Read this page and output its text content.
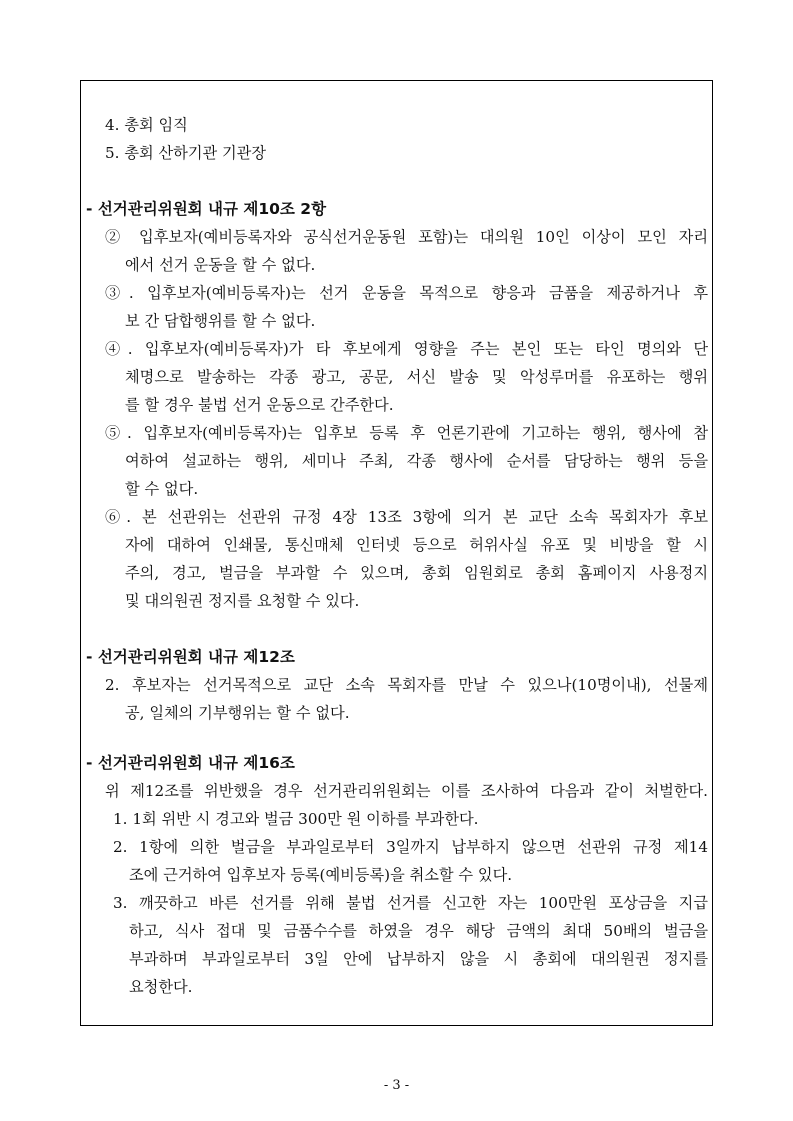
4. 총회 임직
5. 총회 산하기관 기관장
- 선거관리위원회 내규 제10조 2항
② 입후보자(예비등록자와 공식선거운동원 포함)는 대의원 10인 이상이 모인 자리
에서 선거 운동을 할 수 없다.
③. 입후보자(예비등록자)는 선거 운동을 목적으로 향응과 금품을 제공하거나 후
보 간 담합행위를 할 수 없다.
④. 입후보자(예비등록자)가 타 후보에게 영향을 주는 본인 또는 타인 명의와 단
체명으로 발송하는 각종 광고, 공문, 서신 발송 및 악성루머를 유포하는 행위
를 할 경우 불법 선거 운동으로 간주한다.
⑤. 입후보자(예비등록자)는 입후보 등록 후 언론기관에 기고하는 행위, 행사에 참
여하여 설교하는 행위, 세미나 주최, 각종 행사에 순서를 담당하는 행위 등을
할 수 없다.
⑥. 본 선관위는 선관위 규정 4장 13조 3항에 의거 본 교단 소속 목회자가 후보
자에 대하여 인쇄물, 통신매체 인터넷 등으로 허위사실 유포 및 비방을 할 시
주의, 경고, 벌금을 부과할 수 있으며, 총회 임원회로 총회 홈페이지 사용정지
및 대의원권 정지를 요청할 수 있다.
- 선거관리위원회 내규 제12조
2. 후보자는 선거목적으로 교단 소속 목회자를 만날 수 있으나(10명이내), 선물제
공, 일체의 기부행위는 할 수 없다.
- 선거관리위원회 내규 제16조
위 제12조를 위반했을 경우 선거관리위원회는 이를 조사하여 다음과 같이 처벌한다.
1. 1회 위반 시 경고와 벌금 300만 원 이하를 부과한다.
2. 1항에 의한 벌금을 부과일로부터 3일까지 납부하지 않으면 선관위 규정 제14
조에 근거하여 입후보자 등록(예비등록)을 취소할 수 있다.
3. 깨끗하고 바른 선거를 위해 불법 선거를 신고한 자는 100만원 포상금을 지급
하고, 식사 접대 및 금품수수를 하였을 경우 해당 금액의 최대 50배의 벌금을
부과하며 부과일로부터 3일 안에 납부하지 않을 시 총회에 대의원권 정지를
요청한다.
- 3 -
